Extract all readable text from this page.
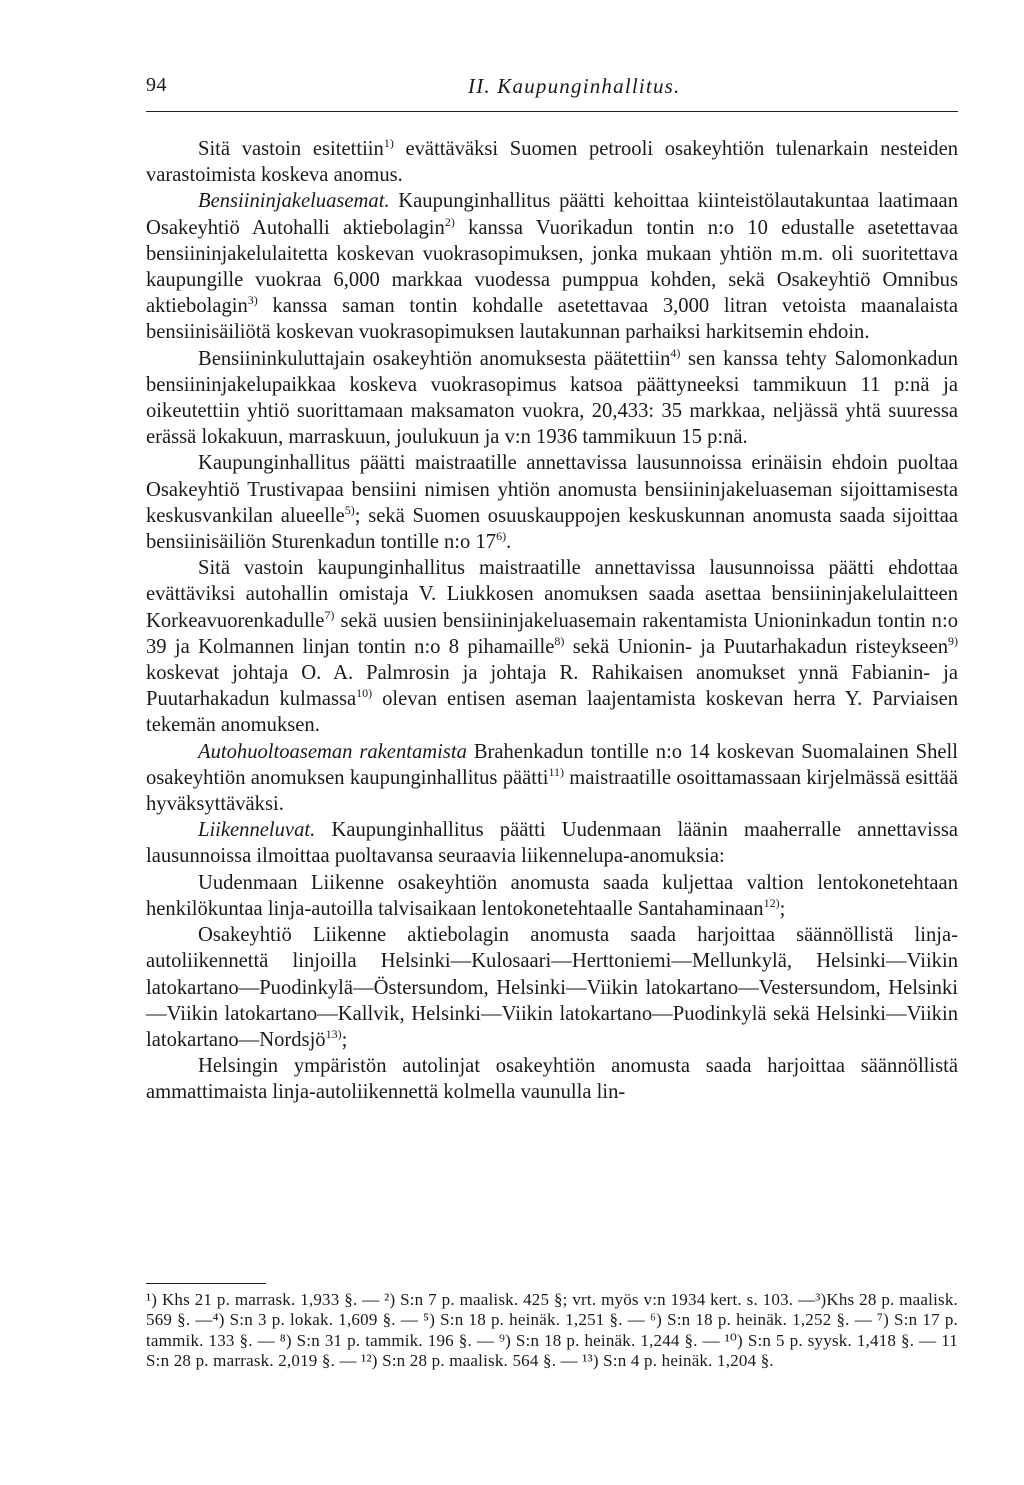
94	II. Kaupunginhallitus.

Sitä vastoin esitettiin$^{1)}$ evättäväksi Suomen petrooli osakeyhtiön tulenarkain nesteiden varastoimista koskeva anomus.

Bensiininjakeluasemat. Kaupunginhallitus päätti kehoittaa kiinteistölautakuntaa laatimaan Osakeyhtiö Autohalli aktiebolagin$^{2)}$ kanssa Vuorikadun tontin n:o 10 edustalle asetettavaa bensiininjakelulaitetta koskevan vuokrasopimuksen, jonka mukaan yhtiön m.m. oli suoritettava kaupungille vuokraa 6,000 markkaa vuodessa pumppua kohden, sekä Osakeyhtiö Omnibus aktiebolagin$^{3)}$ kanssa saman tontin kohdalle asetettavaa 3,000 litran vetoista maanalaista bensiinisäiliötä koskevan vuokrasopimuksen lautakunnan parhaiksi harkitsemin ehdoin.

Bensiininkuluttajain osakeyhtiön anomuksesta päätettiin$^{4)}$ sen kanssa tehty Salomonkadun bensiininjakelupaikkaa koskeva vuokrasopimus katsoa päättyneeksi tammikuun 11 p:nä ja oikeutettiin yhtiö suorittamaan maksamaton vuokra, 20,433: 35 markkaa, neljässä yhtä suuressa erässä lokakuun, marraskuun, joulukuun ja v:n 1936 tammikuun 15 p:nä.

Kaupunginhallitus päätti maistraatille annettavissa lausunnoissa erinäisin ehdoin puoltaa Osakeyhtiö Trustivapaa bensiini nimisen yhtiön anomusta bensiininjakeluaseman sijoittamisesta keskusvankilan alueelle$^{5)}$; sekä Suomen osuuskauppojen keskuskunnan anomusta saada sijoittaa bensiinisäiliön Sturenkadun tontille n:o 17$^{6)}$.

Sitä vastoin kaupunginhallitus maistraatille annettavissa lausunnoissa päätti ehdottaa evättäviksi autohallin omistaja V. Liukkosen anomuksen saada asettaa bensiininjakelulaitteen Korkeavuorenkadulle$^{7)}$ sekä uusien bensiininjakeluasemain rakentamista Unioninkadun tontin n:o 39 ja Kolmannen linjan tontin n:o 8 pihamaille$^{8)}$ sekä Unionin- ja Puutarhakadun risteykseen$^{9)}$ koskevat johtaja O. A. Palmrosin ja johtaja R. Rahikaisen anomukset ynnä Fabianin- ja Puutarhakadun kulmassa$^{10)}$ olevan entisen aseman laajentamista koskevan herra Y. Parviaisen tekemän anomuksen.

Autohuoltoaseman rakentamista Brahenkadun tontille n:o 14 koskevan Suomalainen Shell osakeyhtiön anomuksen kaupunginhallitus päätti$^{11)}$ maistraatille osoittamassaan kirjelmässä esittää hyväksyttäväksi.

Liikenneluvat. Kaupunginhallitus päätti Uudenmaan läänin maaherralle annettavissa lausunnoissa ilmoittaa puoltavansa seuraavia liikennelupa-anomuksia:

Uudenmaan Liikenne osakeyhtiön anomusta saada kuljettaa valtion lentokonetehtaan henkilökuntaa linja-autoilla talvisaikaan lentokonetehtaalle Santahaminaan$^{12)}$;

Osakeyhtiö Liikenne aktiebolagin anomusta saada harjoittaa säännöllistä linja-autoliikennettä linjoilla Helsinki—Kulosaari—Herttoniemi—Mellunkylä, Helsinki—Viikin latokartano—Puodinkylä—Östersundom, Helsinki—Viikin latokartano—Vestersundom, Helsinki—Viikin latokartano—Kallvik, Helsinki—Viikin latokartano—Puodinkylä sekä Helsinki—Viikin latokartano—Nordsjö$^{13)}$;

Helsingin ympäristön autolinjat osakeyhtiön anomusta saada harjoittaa säännöllistä ammattimaista linja-autoliikennettä kolmella vaunulla lin-

¹) Khs 21 p. marrask. 1,933 §. — ²) S:n 7 p. maalisk. 425 §; vrt. myös v:n 1934 kert. s. 103. —³)Khs 28 p. maalisk. 569 §. —⁴) S:n 3 p. lokak. 1,609 §. — ⁵) S:n 18 p. heinäk. 1,251 §. — ⁶) S:n 18 p. heinäk. 1,252 §. — ⁷) S:n 17 p. tammik. 133 §. — ⁸) S:n 31 p. tammik. 196 §. — ⁹) S:n 18 p. heinäk. 1,244 §. — ¹⁰) S:n 5 p. syysk. 1,418 §. — 11 S:n 28 p. marrask. 2,019 §. — ¹²) S:n 28 p. maalisk. 564 §. — ¹³) S:n 4 p. heinäk. 1,204 §.
